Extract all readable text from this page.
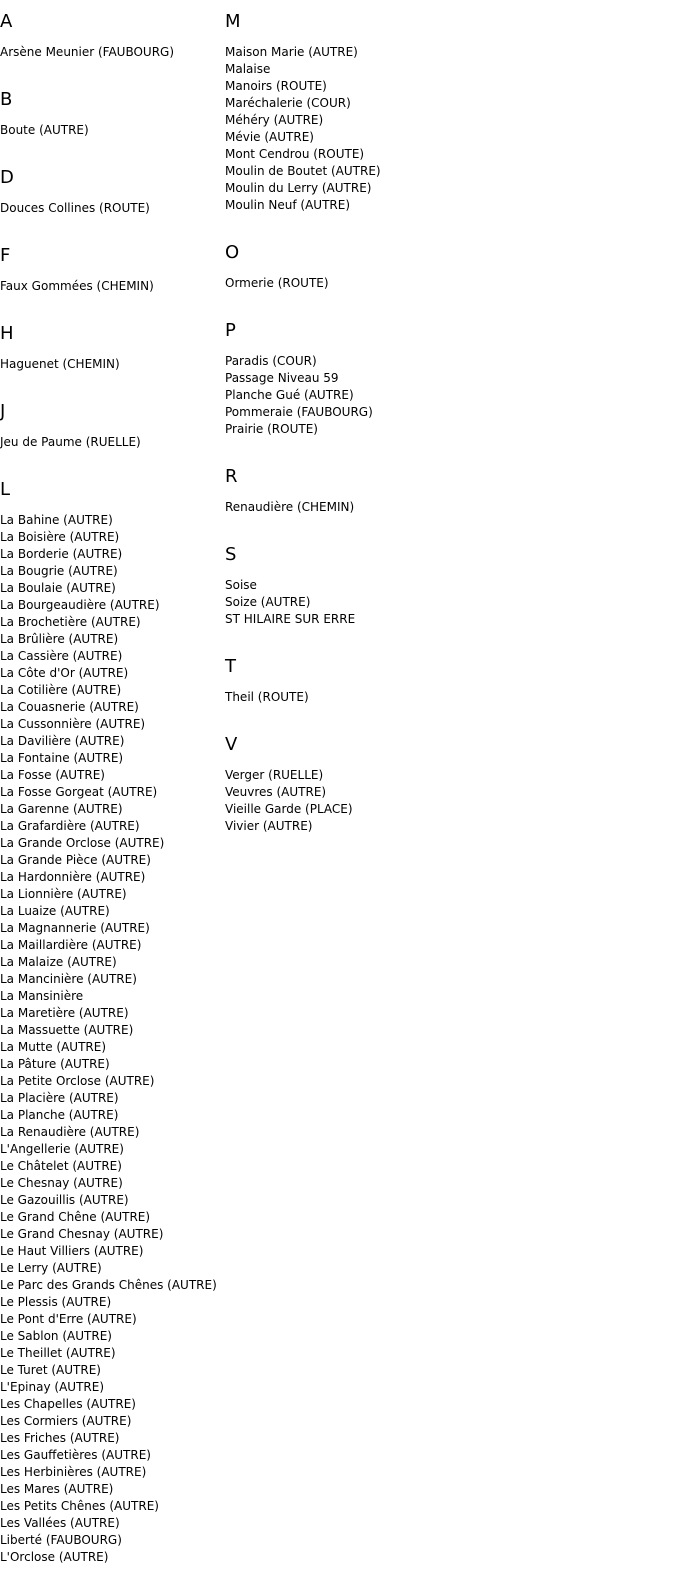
A
Arsène Meunier (FAUBOURG)
B
Boute (AUTRE)
D
Douces Collines (ROUTE)
F
Faux Gommées (CHEMIN)
H
Haguenet (CHEMIN)
J
Jeu de Paume (RUELLE)
L
La Bahine (AUTRE)
La Boisière (AUTRE)
La Borderie (AUTRE)
La Bougrie (AUTRE)
La Boulaie (AUTRE)
La Bourgeaudière (AUTRE)
La Brochetière (AUTRE)
La Brûlière (AUTRE)
La Cassière (AUTRE)
La Côte d'Or (AUTRE)
La Cotilière (AUTRE)
La Couasnerie (AUTRE)
La Cussonnière (AUTRE)
La Davilière (AUTRE)
La Fontaine (AUTRE)
La Fosse (AUTRE)
La Fosse Gorgeat (AUTRE)
La Garenne (AUTRE)
La Grafardière (AUTRE)
La Grande Orclose (AUTRE)
La Grande Pièce (AUTRE)
La Hardonnière (AUTRE)
La Lionnière (AUTRE)
La Luaize (AUTRE)
La Magnannerie (AUTRE)
La Maillardière (AUTRE)
La Malaize (AUTRE)
La Mancinière (AUTRE)
La Mansinière
La Maretière (AUTRE)
La Massuette (AUTRE)
La Mutte (AUTRE)
La Pâture (AUTRE)
La Petite Orclose (AUTRE)
La Placière (AUTRE)
La Planche (AUTRE)
La Renaudière (AUTRE)
L'Angellerie (AUTRE)
Le Châtelet (AUTRE)
Le Chesnay (AUTRE)
Le Gazouillis (AUTRE)
Le Grand Chêne (AUTRE)
Le Grand Chesnay (AUTRE)
Le Haut Villiers (AUTRE)
Le Lerry (AUTRE)
Le Parc des Grands Chênes (AUTRE)
Le Plessis (AUTRE)
Le Pont d'Erre (AUTRE)
Le Sablon (AUTRE)
Le Theillet (AUTRE)
Le Turet (AUTRE)
L'Epinay (AUTRE)
Les Chapelles (AUTRE)
Les Cormiers (AUTRE)
Les Friches (AUTRE)
Les Gauffetières (AUTRE)
Les Herbinières (AUTRE)
Les Mares (AUTRE)
Les Petits Chênes (AUTRE)
Les Vallées (AUTRE)
Liberté (FAUBOURG)
L'Orclose (AUTRE)
M
Maison Marie (AUTRE)
Malaise
Manoirs (ROUTE)
Maréchalerie (COUR)
Méhéry (AUTRE)
Mévie (AUTRE)
Mont Cendrou (ROUTE)
Moulin de Boutet (AUTRE)
Moulin du Lerry (AUTRE)
Moulin Neuf (AUTRE)
O
Ormerie (ROUTE)
P
Paradis (COUR)
Passage Niveau 59
Planche Gué (AUTRE)
Pommeraie (FAUBOURG)
Prairie (ROUTE)
R
Renaudière (CHEMIN)
S
Soise
Soize (AUTRE)
ST HILAIRE SUR ERRE
T
Theil (ROUTE)
V
Verger (RUELLE)
Veuvres (AUTRE)
Vieille Garde (PLACE)
Vivier (AUTRE)
